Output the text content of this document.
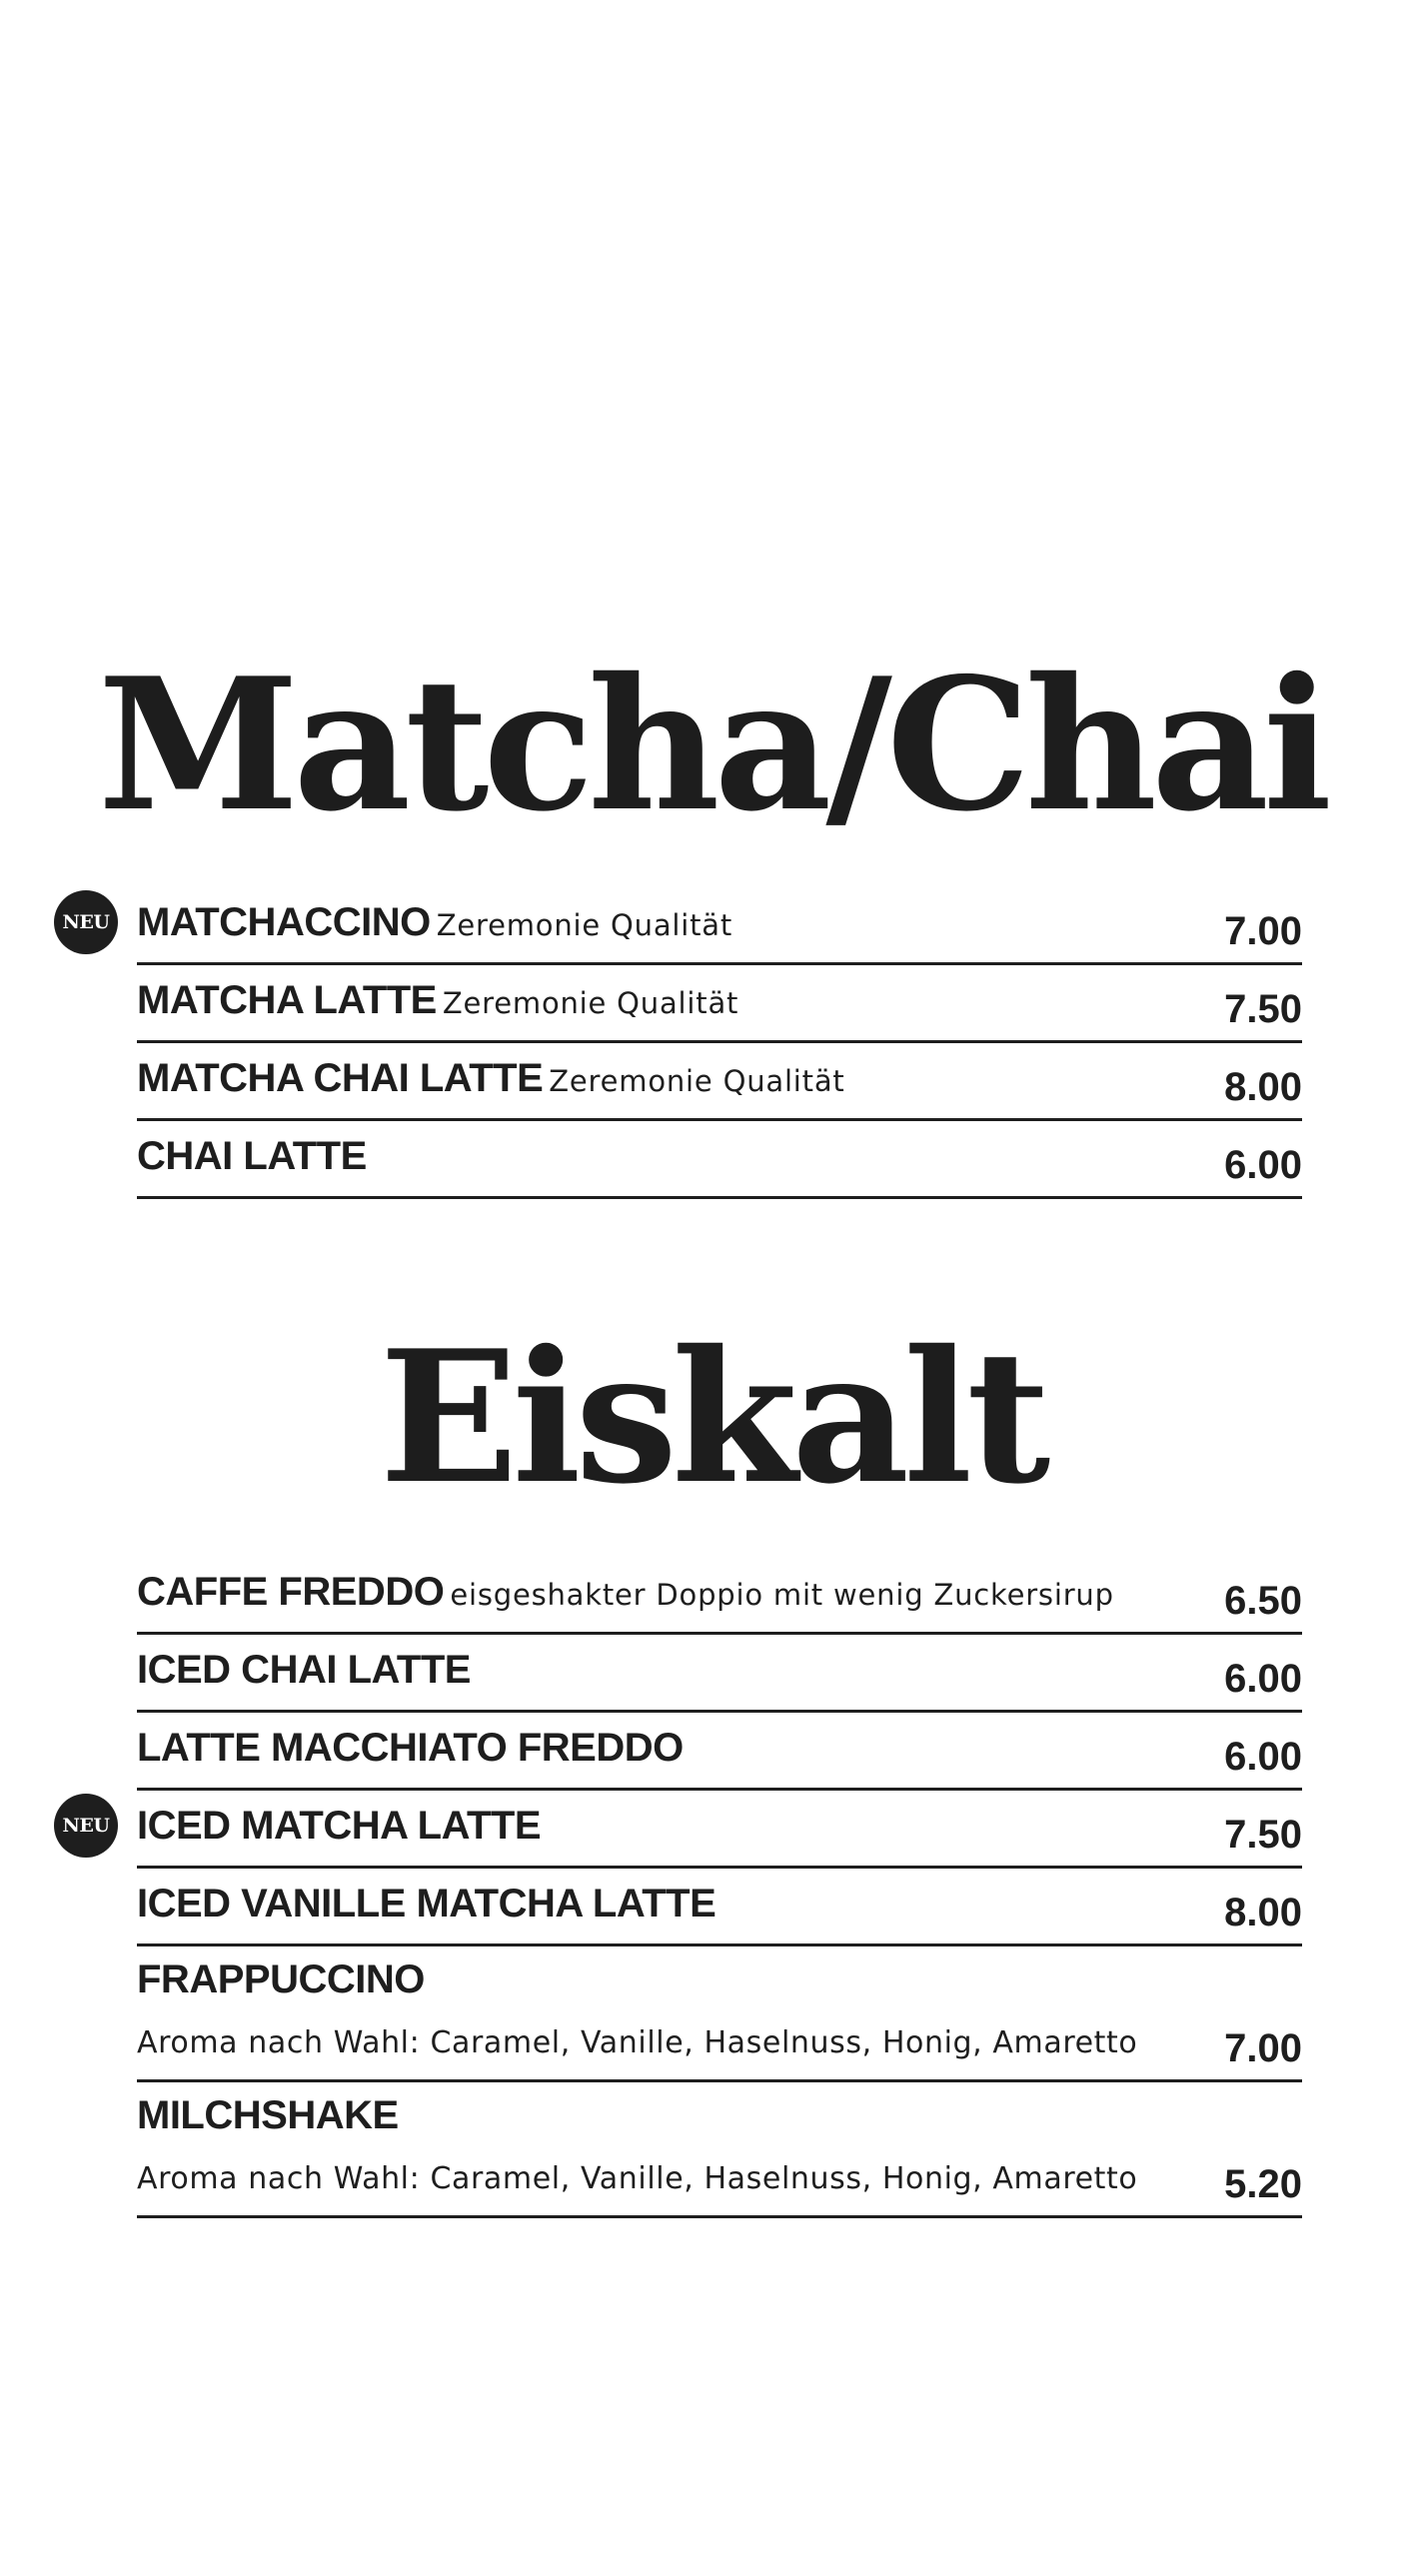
Matcha/Chai
NEU MATCHACCINO Zeremonie Qualität	7.00
MATCHA LATTE Zeremonie Qualität	7.50
MATCHA CHAI LATTE Zeremonie Qualität	8.00
CHAI LATTE	6.00
Eiskalt
CAFFE FREDDO eisgeshakter Doppio mit wenig Zuckersirup	6.50
ICED CHAI LATTE	6.00
LATTE MACCHIATO FREDDO	6.00
NEU ICED MATCHA LATTE	7.50
ICED VANILLE MATCHA LATTE	8.00
FRAPPUCCINO
Aroma nach Wahl: Caramel, Vanille, Haselnuss, Honig, Amaretto 7.00
MILCHSHAKE
Aroma nach Wahl: Caramel, Vanille, Haselnuss, Honig, Amaretto 5.20
